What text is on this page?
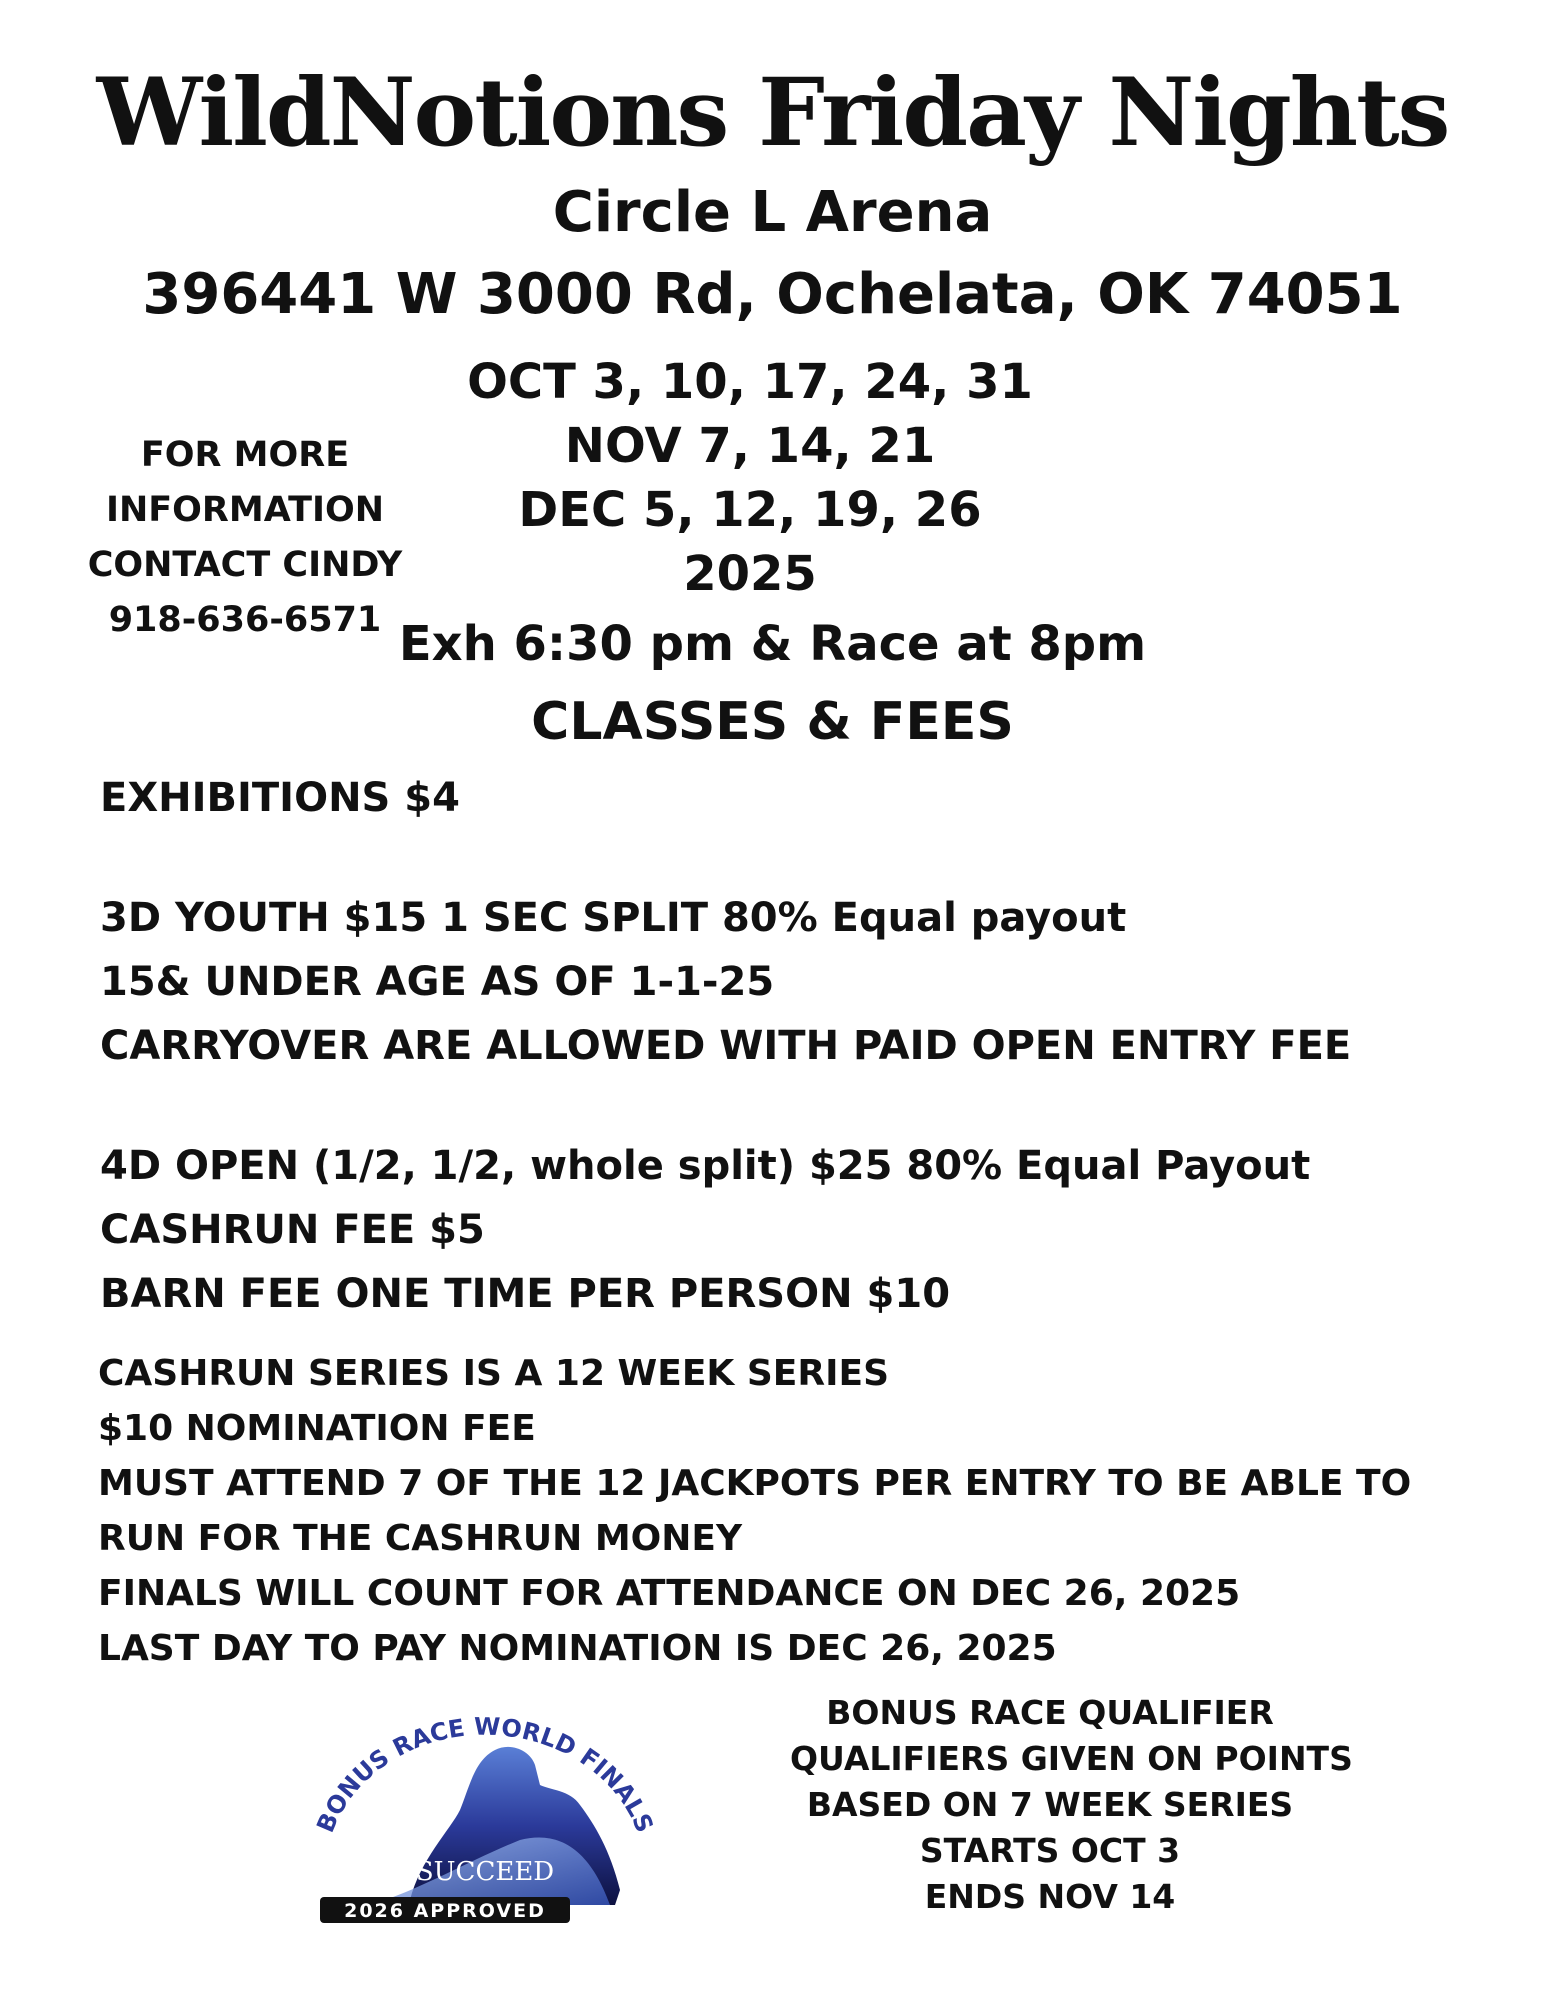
WildNotions Friday Nights
Circle L Arena
396441 W 3000 Rd, Ochelata, OK 74051
OCT 3, 10, 17, 24, 31
NOV 7, 14, 21
DEC 5, 12, 19, 26
2025
FOR MORE
INFORMATION
CONTACT CINDY
918-636-6571 Exh 6:30 pm & Race at 8pm
CLASSES & FEES
EXHIBITIONS $4
3D YOUTH $15 1 SEC SPLIT 80% Equal payout
15& UNDER AGE AS OF 1-1-25
CARRYOVER ARE ALLOWED WITH PAID OPEN ENTRY FEE
4D OPEN (1/2, 1/2, whole split) $25 80% Equal Payout
CASHRUN FEE $5
BARN FEE ONE TIME PER PERSON $10
CASHRUN SERIES IS A 12 WEEK SERIES
$10 NOMINATION FEE
MUST ATTEND 7 OF THE 12 JACKPOTS PER ENTRY TO BE ABLE TO
RUN FOR THE CASHRUN MONEY
FINALS WILL COUNT FOR ATTENDANCE ON DEC 26, 2025
LAST DAY TO PAY NOMINATION IS DEC 26, 2025
BONUS RACE WORLD FINALS
SUCCEED
2026 APPROVED
BONUS RACE QUALIFIER
QUALIFIERS GIVEN ON POINTS
BASED ON 7 WEEK SERIES
STARTS OCT 3
ENDS NOV 14
